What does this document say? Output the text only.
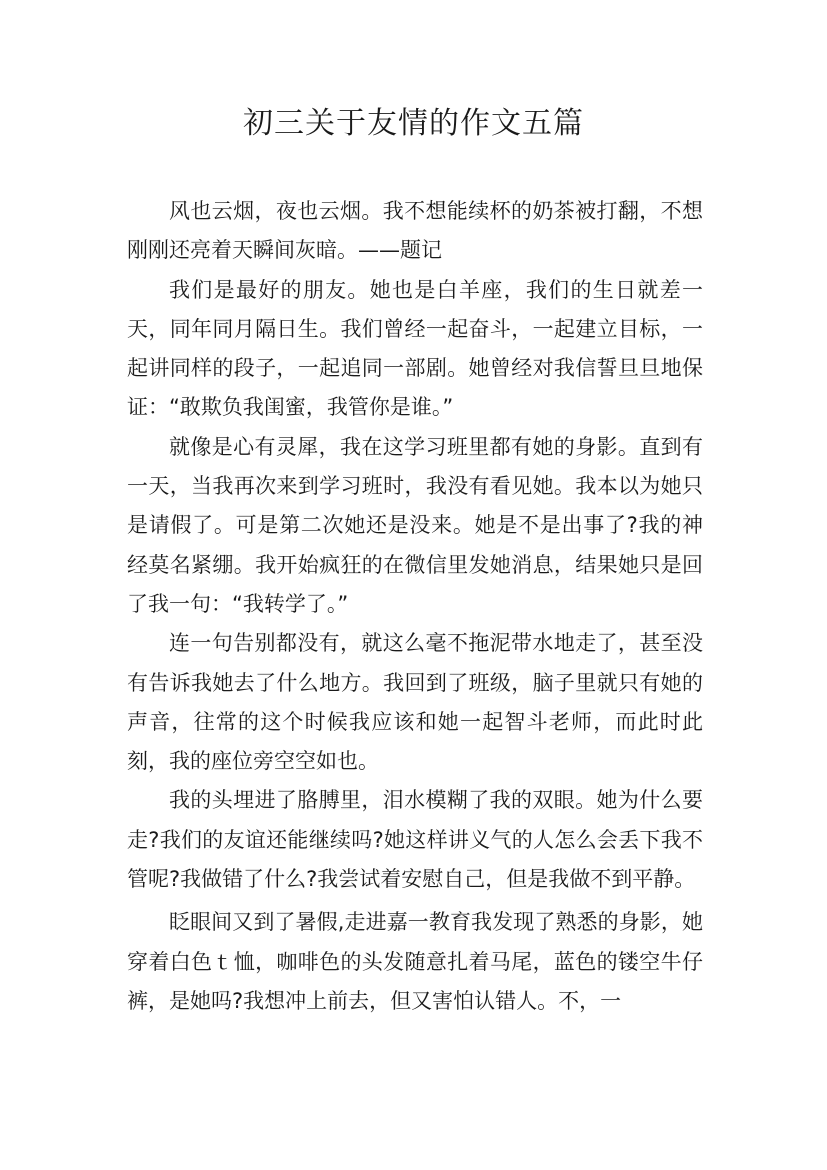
初三关于友情的作文五篇

风也云烟，夜也云烟。我不想能续杯的奶茶被打翻，不想刚刚还亮着天瞬间灰暗。——题记

我们是最好的朋友。她也是白羊座，我们的生日就差一天，同年同月隔日生。我们曾经一起奋斗，一起建立目标，一起讲同样的段子，一起追同一部剧。她曾经对我信誓旦旦地保证：“敢欺负我闺蜜，我管你是谁。”

就像是心有灵犀，我在这学习班里都有她的身影。直到有一天，当我再次来到学习班时，我没有看见她。我本以为她只是请假了。可是第二次她还是没来。她是不是出事了?我的神经莫名紧绷。我开始疯狂的在微信里发她消息，结果她只是回了我一句：“我转学了。”

连一句告别都没有，就这么毫不拖泥带水地走了，甚至没有告诉我她去了什么地方。我回到了班级，脑子里就只有她的声音，往常的这个时候我应该和她一起智斗老师，而此时此刻，我的座位旁空空如也。

我的头埋进了胳膊里，泪水模糊了我的双眼。她为什么要走?我们的友谊还能继续吗?她这样讲义气的人怎么会丢下我不管呢?我做错了什么?我尝试着安慰自己，但是我做不到平静。

眨眼间又到了暑假,走进嘉一教育我发现了熟悉的身影，她穿着白色ｔ恤，咖啡色的头发随意扎着马尾，蓝色的镂空牛仔裤，是她吗?我想冲上前去，但又害怕认错人。不，一
